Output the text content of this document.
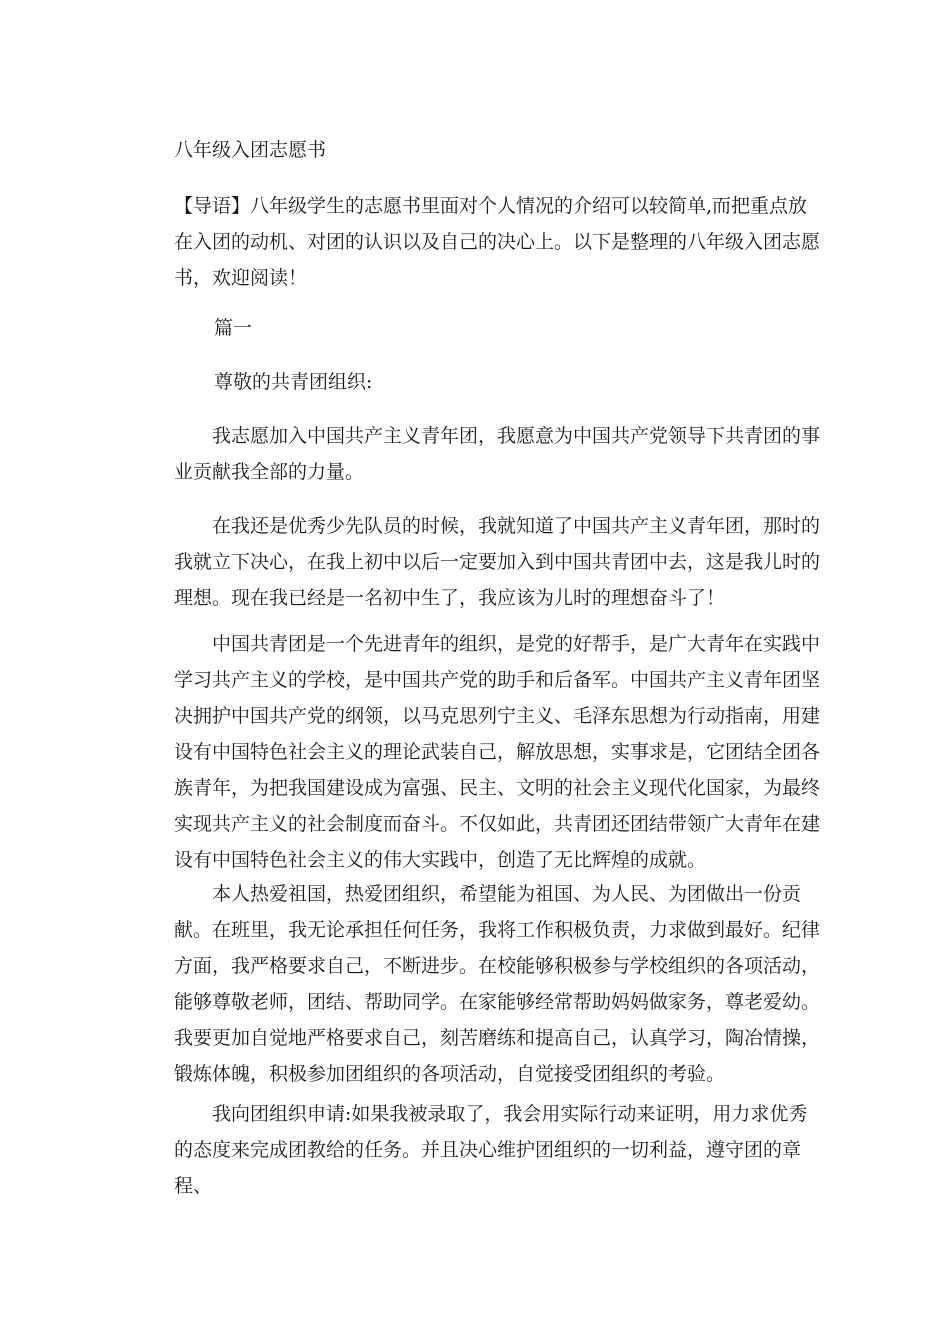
八年级入团志愿书

【导语】八年级学生的志愿书里面对个人情况的介绍可以较简单,而把重点放在入团的动机、对团的认识以及自己的决心上。以下是整理的八年级入团志愿书，欢迎阅读！

篇一
尊敬的共青团组织:

我志愿加入中国共产主义青年团，我愿意为中国共产党领导下共青团的事业贡献我全部的力量。

在我还是优秀少先队员的时候，我就知道了中国共产主义青年团，那时的我就立下决心，在我上初中以后一定要加入到中国共青团中去，这是我儿时的理想。现在我已经是一名初中生了，我应该为儿时的理想奋斗了！

中国共青团是一个先进青年的组织，是党的好帮手，是广大青年在实践中学习共产主义的学校，是中国共产党的助手和后备军。中国共产主义青年团坚决拥护中国共产党的纲领，以马克思列宁主义、毛泽东思想为行动指南，用建设有中国特色社会主义的理论武装自己，解放思想，实事求是，它团结全团各族青年，为把我国建设成为富强、民主、文明的社会主义现代化国家，为最终实现共产主义的社会制度而奋斗。不仅如此，共青团还团结带领广大青年在建设有中国特色社会主义的伟大实践中，创造了无比辉煌的成就。

本人热爱祖国，热爱团组织，希望能为祖国、为人民、为团做出一份贡献。在班里，我无论承担任何任务，我将工作积极负责，力求做到最好。纪律方面，我严格要求自己，不断进步。在校能够积极参与学校组织的各项活动，能够尊敬老师，团结、帮助同学。在家能够经常帮助妈妈做家务，尊老爱幼。我要更加自觉地严格要求自己，刻苦磨练和提高自己，认真学习，陶冶情操，锻炼体魄，积极参加团组织的各项活动，自觉接受团组织的考验。

我向团组织申请:如果我被录取了，我会用实际行动来证明，用力求优秀的态度来完成团教给的任务。并且决心维护团组织的一切利益，遵守团的章程、
